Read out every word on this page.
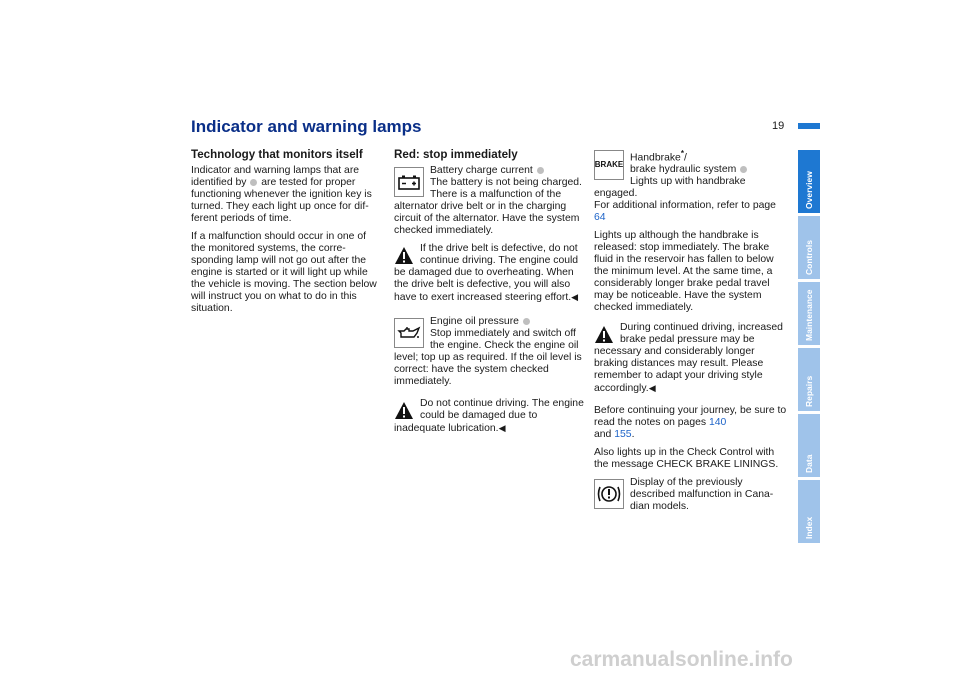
Indicator and warning lamps	19
Technology that monitors itself

Indicator and warning lamps that are identified by are tested for proper functioning whenever the ignition key is turned. They each light up once for dif-ferent periods of time.

If a malfunction should occur in one of the monitored systems, the corre-sponding lamp will not go out after the engine is started or it will light up while the vehicle is moving. The section below will instruct you on what to do in this situation.

Red: stop immediately
Battery charge current
The battery is not being charged. There is a malfunction of the alternator drive belt or in the charging circuit of the alternator. Have the system checked immediately.
If the drive belt is defective, do not continue driving. The engine could be damaged due to overheating. When the drive belt is defective, you will also have to exert increased steering effort.◀
Engine oil pressure
Stop immediately and switch off the engine. Check the engine oil level; top up as required. If the oil level is correct: have the system checked immediately.
Do not continue driving. The engine could be damaged due to inadequate lubrication.◀
BRAKE
Handbrake*/
brake hydraulic system
Lights up with handbrake engaged.
For additional information, refer to page 64

Lights up although the handbrake is released: stop immediately. The brake fluid in the reservoir has fallen to below the minimum level. At the same time, a considerably longer brake pedal travel may be noticeable. Have the system checked immediately.

During continued driving, increased brake pedal pressure may be necessary and considerably longer braking distances may result. Please remember to adapt your driving style accordingly.◀

Before continuing your journey, be sure to read the notes on pages 140
and 155.

Also lights up in the Check Control with the message CHECK BRAKE LININGS.

Display of the previously described malfunction in Cana-dian models.
Overview
Controls
Maintenance
Repairs
Data
Index
carmanualsonline.info
